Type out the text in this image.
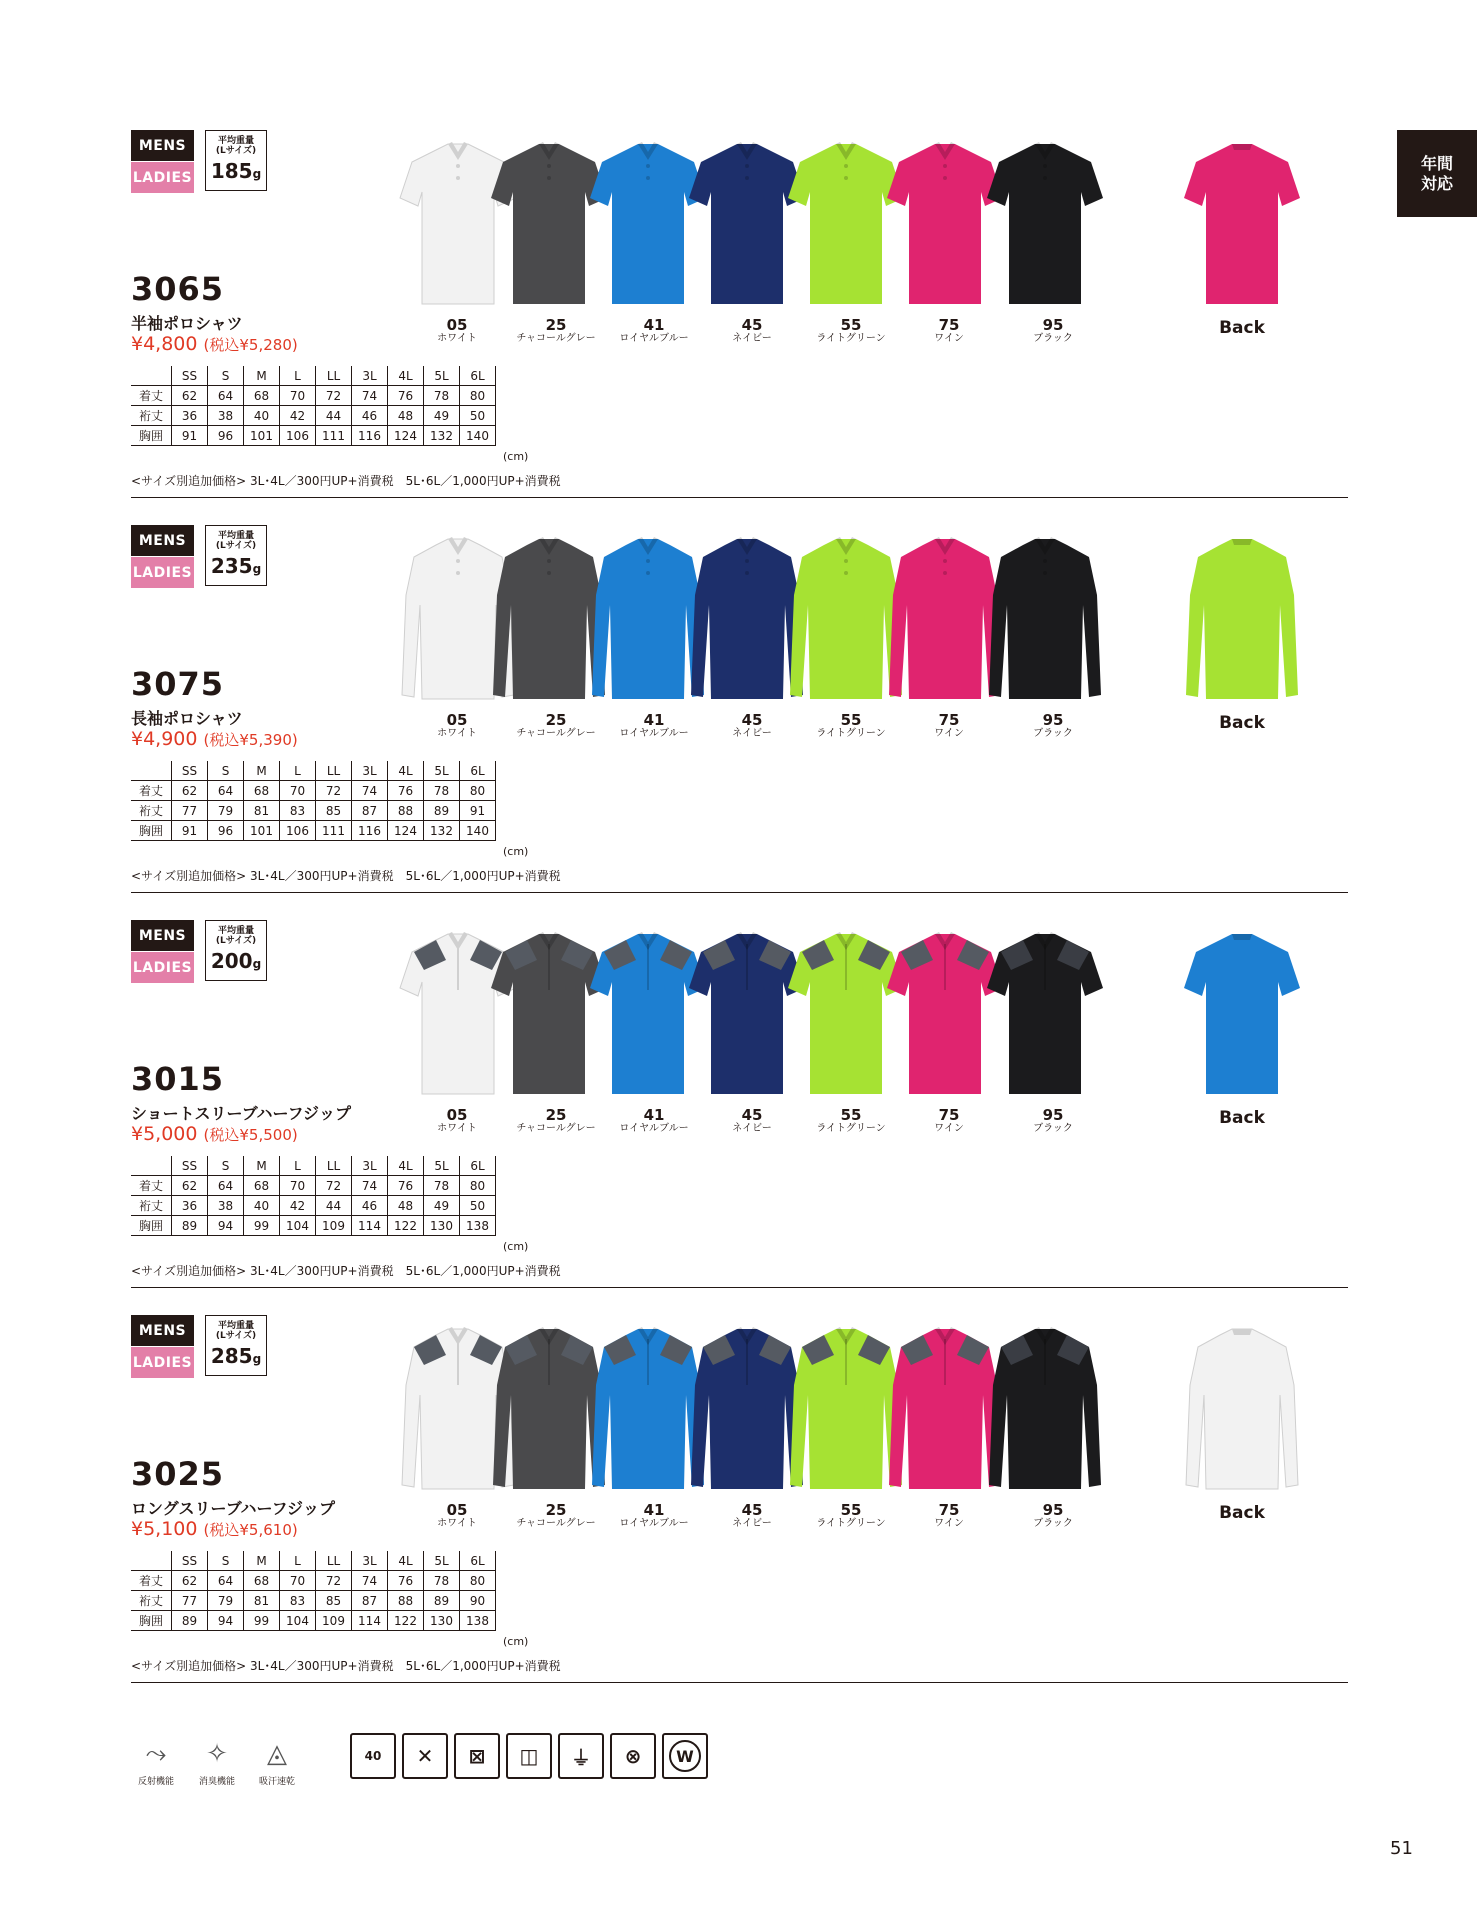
年間
対応
MENS
LADIES
平均重量
(Lサイズ)
185g
05
ホワイト
25
チャコールグレー
41
ロイヤルブルー
45
ネイビー
55
ライトグリーン
75
ワイン
95
ブラック
Back
3065
半袖ポロシャツ
¥4,800 (税込¥5,280)
	SS	S	M	L	LL	3L	4L	5L	6L
着丈	62	64	68	70	72	74	76	78	80
裄丈	36	38	40	42	44	46	48	49	50
胸囲	91	96	101	106	111	116	124	132	140
(cm)
<サイズ別追加価格> 3L･4L／300円UP+消費税　5L･6L／1,000円UP+消費税
MENS
LADIES
平均重量
(Lサイズ)
235g
05
ホワイト
25
チャコールグレー
41
ロイヤルブルー
45
ネイビー
55
ライトグリーン
75
ワイン
95
ブラック
Back
3075
長袖ポロシャツ
¥4,900 (税込¥5,390)
	SS	S	M	L	LL	3L	4L	5L	6L
着丈	62	64	68	70	72	74	76	78	80
裄丈	77	79	81	83	85	87	88	89	91
胸囲	91	96	101	106	111	116	124	132	140
(cm)
<サイズ別追加価格> 3L･4L／300円UP+消費税　5L･6L／1,000円UP+消費税
MENS
LADIES
平均重量
(Lサイズ)
200g
05
ホワイト
25
チャコールグレー
41
ロイヤルブルー
45
ネイビー
55
ライトグリーン
75
ワイン
95
ブラック
Back
3015
ショートスリーブハーフジップ
¥5,000 (税込¥5,500)
	SS	S	M	L	LL	3L	4L	5L	6L
着丈	62	64	68	70	72	74	76	78	80
裄丈	36	38	40	42	44	46	48	49	50
胸囲	89	94	99	104	109	114	122	130	138
(cm)
<サイズ別追加価格> 3L･4L／300円UP+消費税　5L･6L／1,000円UP+消費税
MENS
LADIES
平均重量
(Lサイズ)
285g
05
ホワイト
25
チャコールグレー
41
ロイヤルブルー
45
ネイビー
55
ライトグリーン
75
ワイン
95
ブラック
Back
3025
ロングスリーブハーフジップ
¥5,100 (税込¥5,610)
	SS	S	M	L	LL	3L	4L	5L	6L
着丈	62	64	68	70	72	74	76	78	80
裄丈	77	79	81	83	85	87	88	89	90
胸囲	89	94	99	104	109	114	122	130	138
(cm)
<サイズ別追加価格> 3L･4L／300円UP+消費税　5L･6L／1,000円UP+消費税
⤳
反射機能
✧
消臭機能
◬
吸汗速乾
40 ✕ ⊠ ◫ ⏚ ⊗	W
51
